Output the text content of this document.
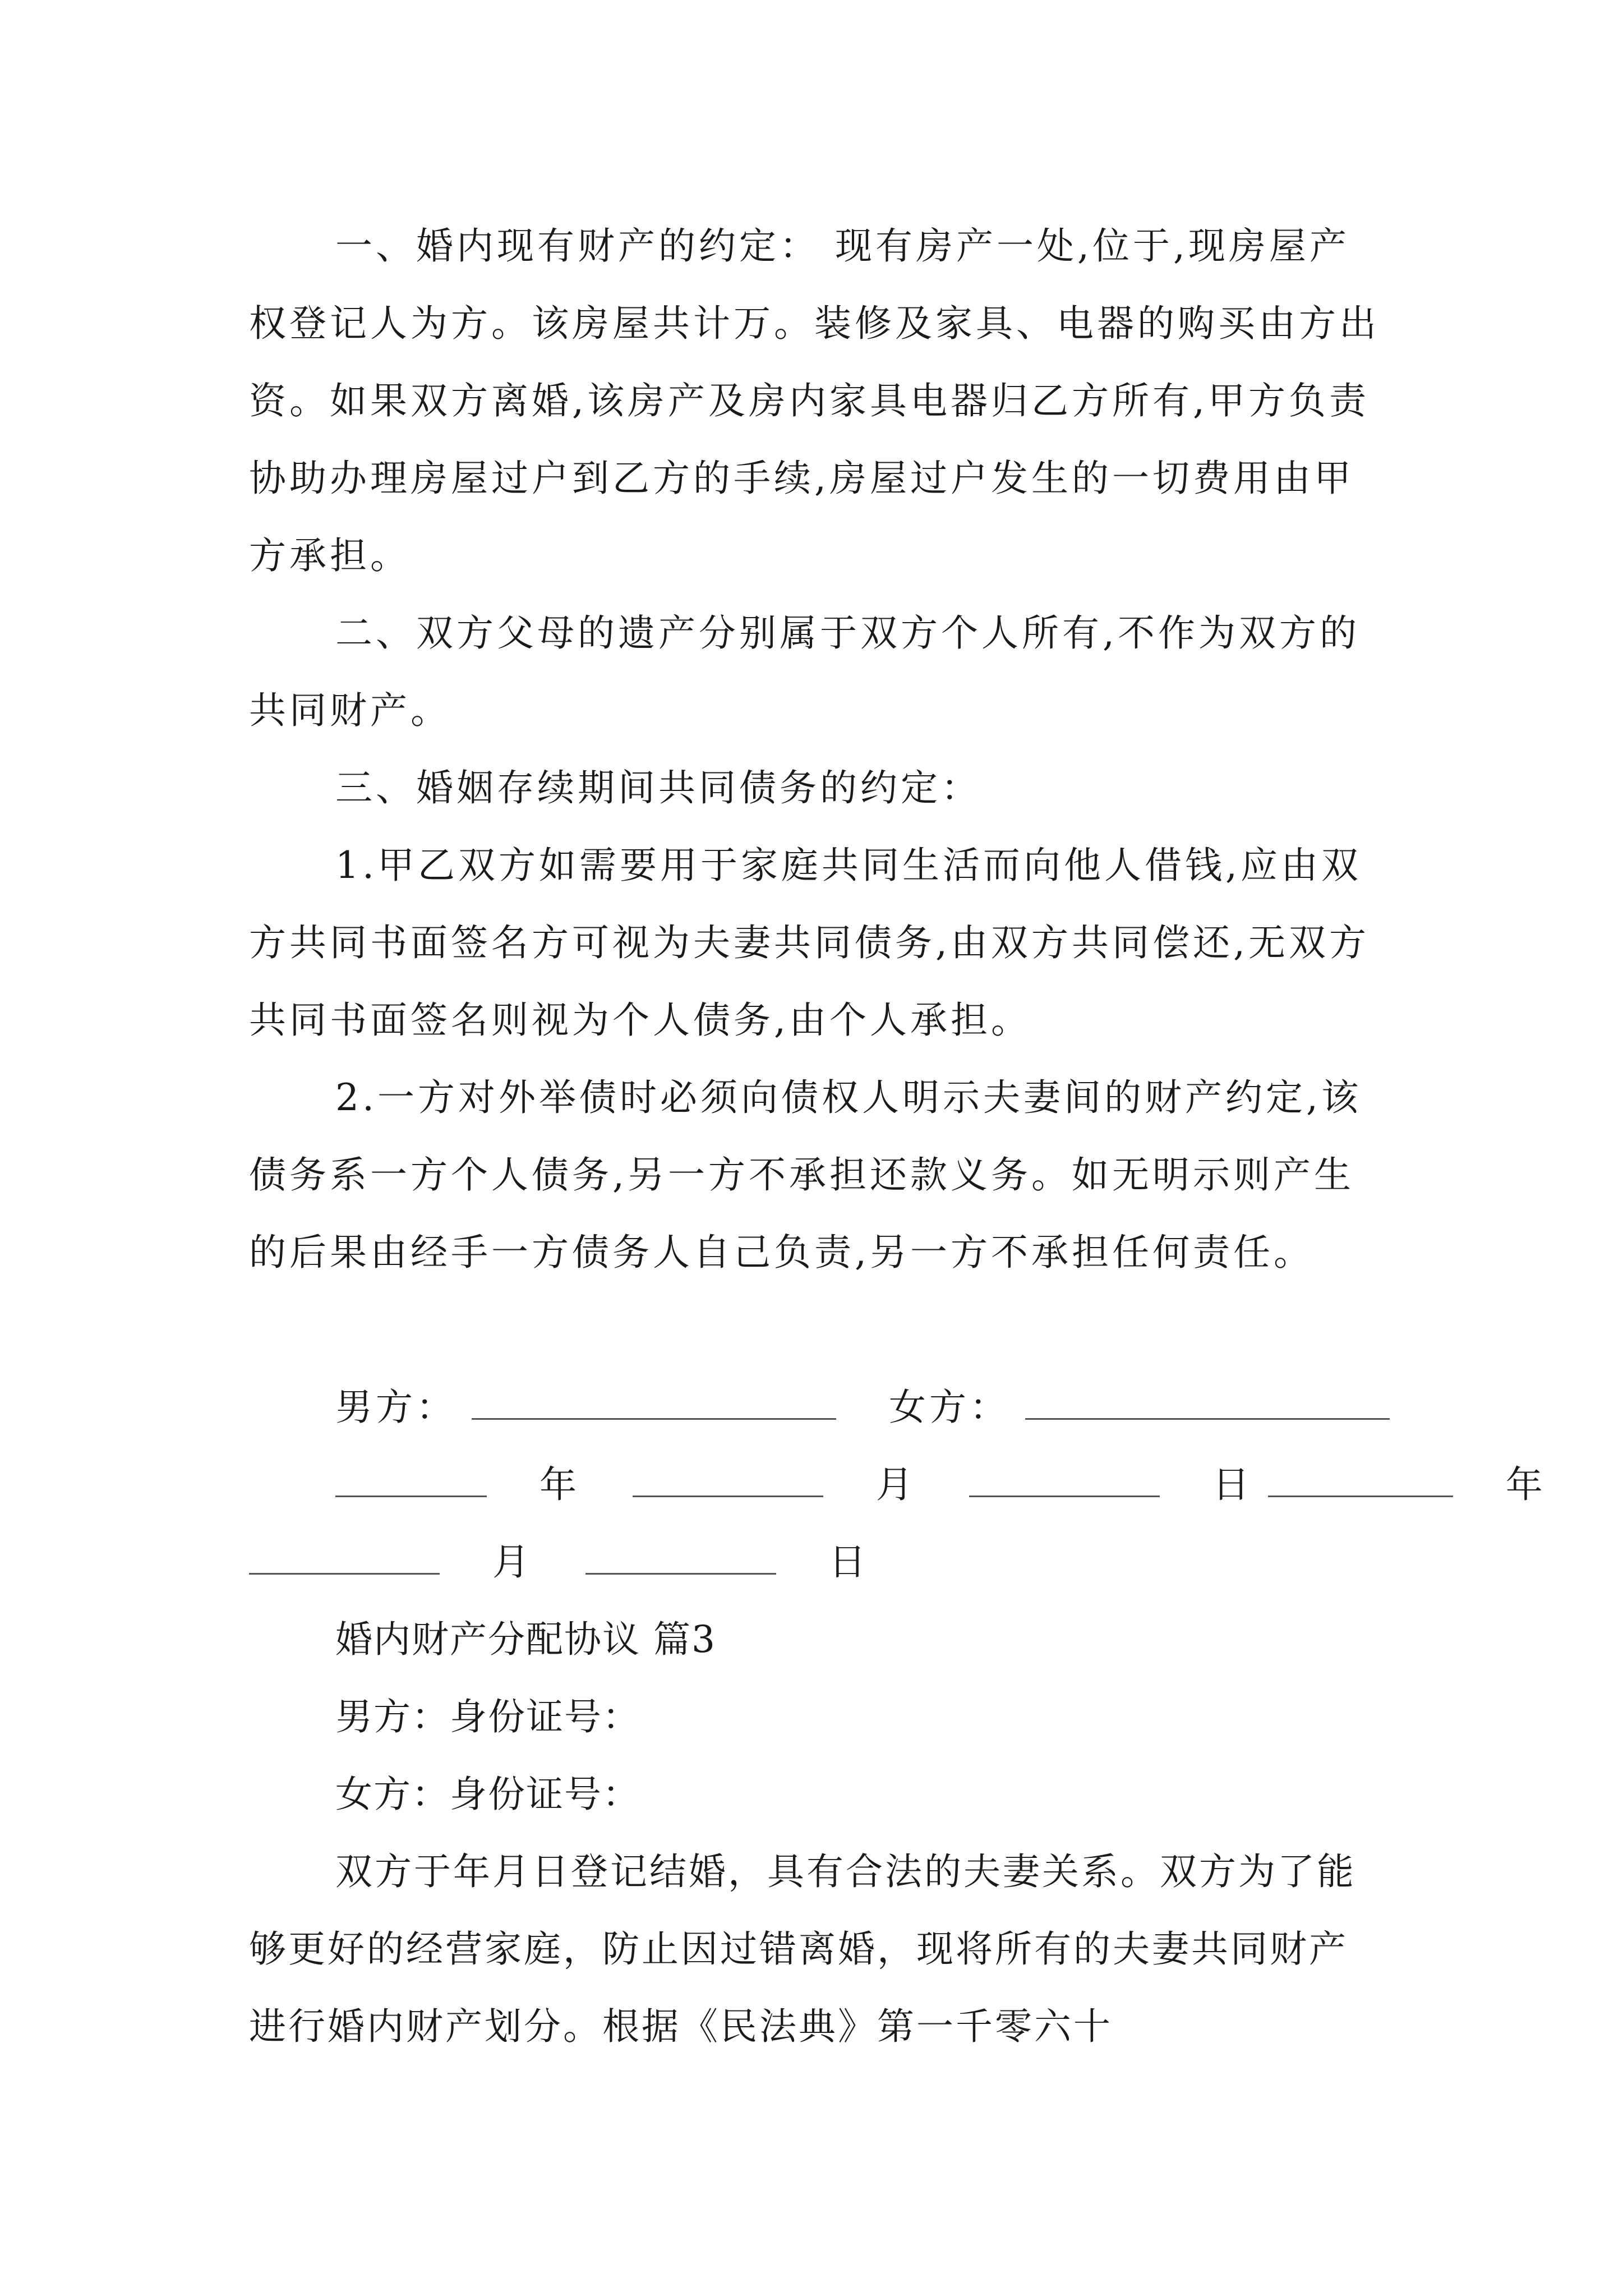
一、婚内现有财产的约定： 现有房产一处,位于,现房屋产权登记人为方。该房屋共计万。装修及家具、电器的购买由方出资。如果双方离婚,该房产及房内家具电器归乙方所有,甲方负责协助办理房屋过户到乙方的手续,房屋过户发生的一切费用由甲方承担。
二、双方父母的遗产分别属于双方个人所有,不作为双方的共同财产。
三、婚姻存续期间共同债务的约定：
1.甲乙双方如需要用于家庭共同生活而向他人借钱,应由双方共同书面签名方可视为夫妻共同债务,由双方共同偿还,无双方共同书面签名则视为个人债务,由个人承担。
2.一方对外举债时必须向债权人明示夫妻间的财产约定,该债务系一方个人债务,另一方不承担还款义务。如无明示则产生的后果由经手一方债务人自己负责,另一方不承担任何责任。
男方：	女方：
年	月	日	年
月	日
婚内财产分配协议 篇3
男方：身份证号：
女方：身份证号：
双方于年月日登记结婚，具有合法的夫妻关系。双方为了能够更好的经营家庭，防止因过错离婚，现将所有的夫妻共同财产进行婚内财产划分。根据《民法典》第一千零六十
